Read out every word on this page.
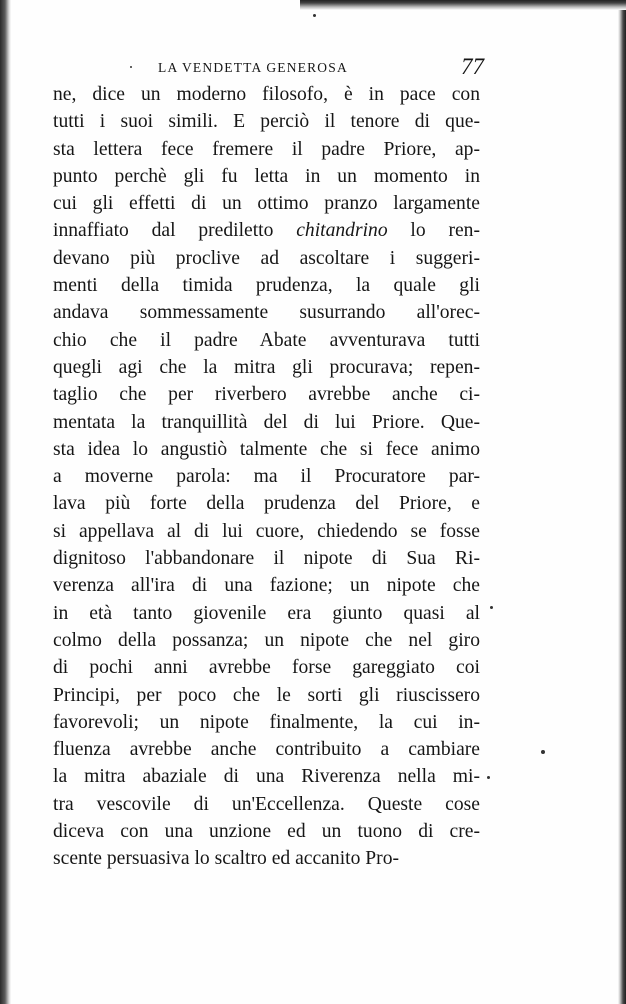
LA VENDETTA GENEROSA	77
ne, dice un moderno filosofo, è in pace con
tutti i suoi simili. E perciò il tenore di que-
sta lettera fece fremere il padre Priore, ap-
punto perchè gli fu letta in un momento in
cui gli effetti di un ottimo pranzo largamente
innaffiato dal prediletto chitandrino lo ren-
devano più proclive ad ascoltare i suggeri-
menti della timida prudenza, la quale gli
andava sommessamente susurrando all'orec-
chio che il padre Abate avventurava tutti
quegli agi che la mitra gli procurava; repen-
taglio che per riverbero avrebbe anche ci-
mentata la tranquillità del di lui Priore. Que-
sta idea lo angustiò talmente che si fece animo
a moverne parola: ma il Procuratore par-
lava più forte della prudenza del Priore, e
si appellava al di lui cuore, chiedendo se fosse
dignitoso l'abbandonare il nipote di Sua Ri-
verenza all'ira di una fazione; un nipote che
in età tanto giovenile era giunto quasi al
colmo della possanza; un nipote che nel giro
di pochi anni avrebbe forse gareggiato coi
Principi, per poco che le sorti gli riuscissero
favorevoli; un nipote finalmente, la cui in-
fluenza avrebbe anche contribuito a cambiare
la mitra abaziale di una Riverenza nella mi-
tra vescovile di un'Eccellenza. Queste cose
diceva con una unzione ed un tuono di cre-
scente persuasiva lo scaltro ed accanito Pro-
